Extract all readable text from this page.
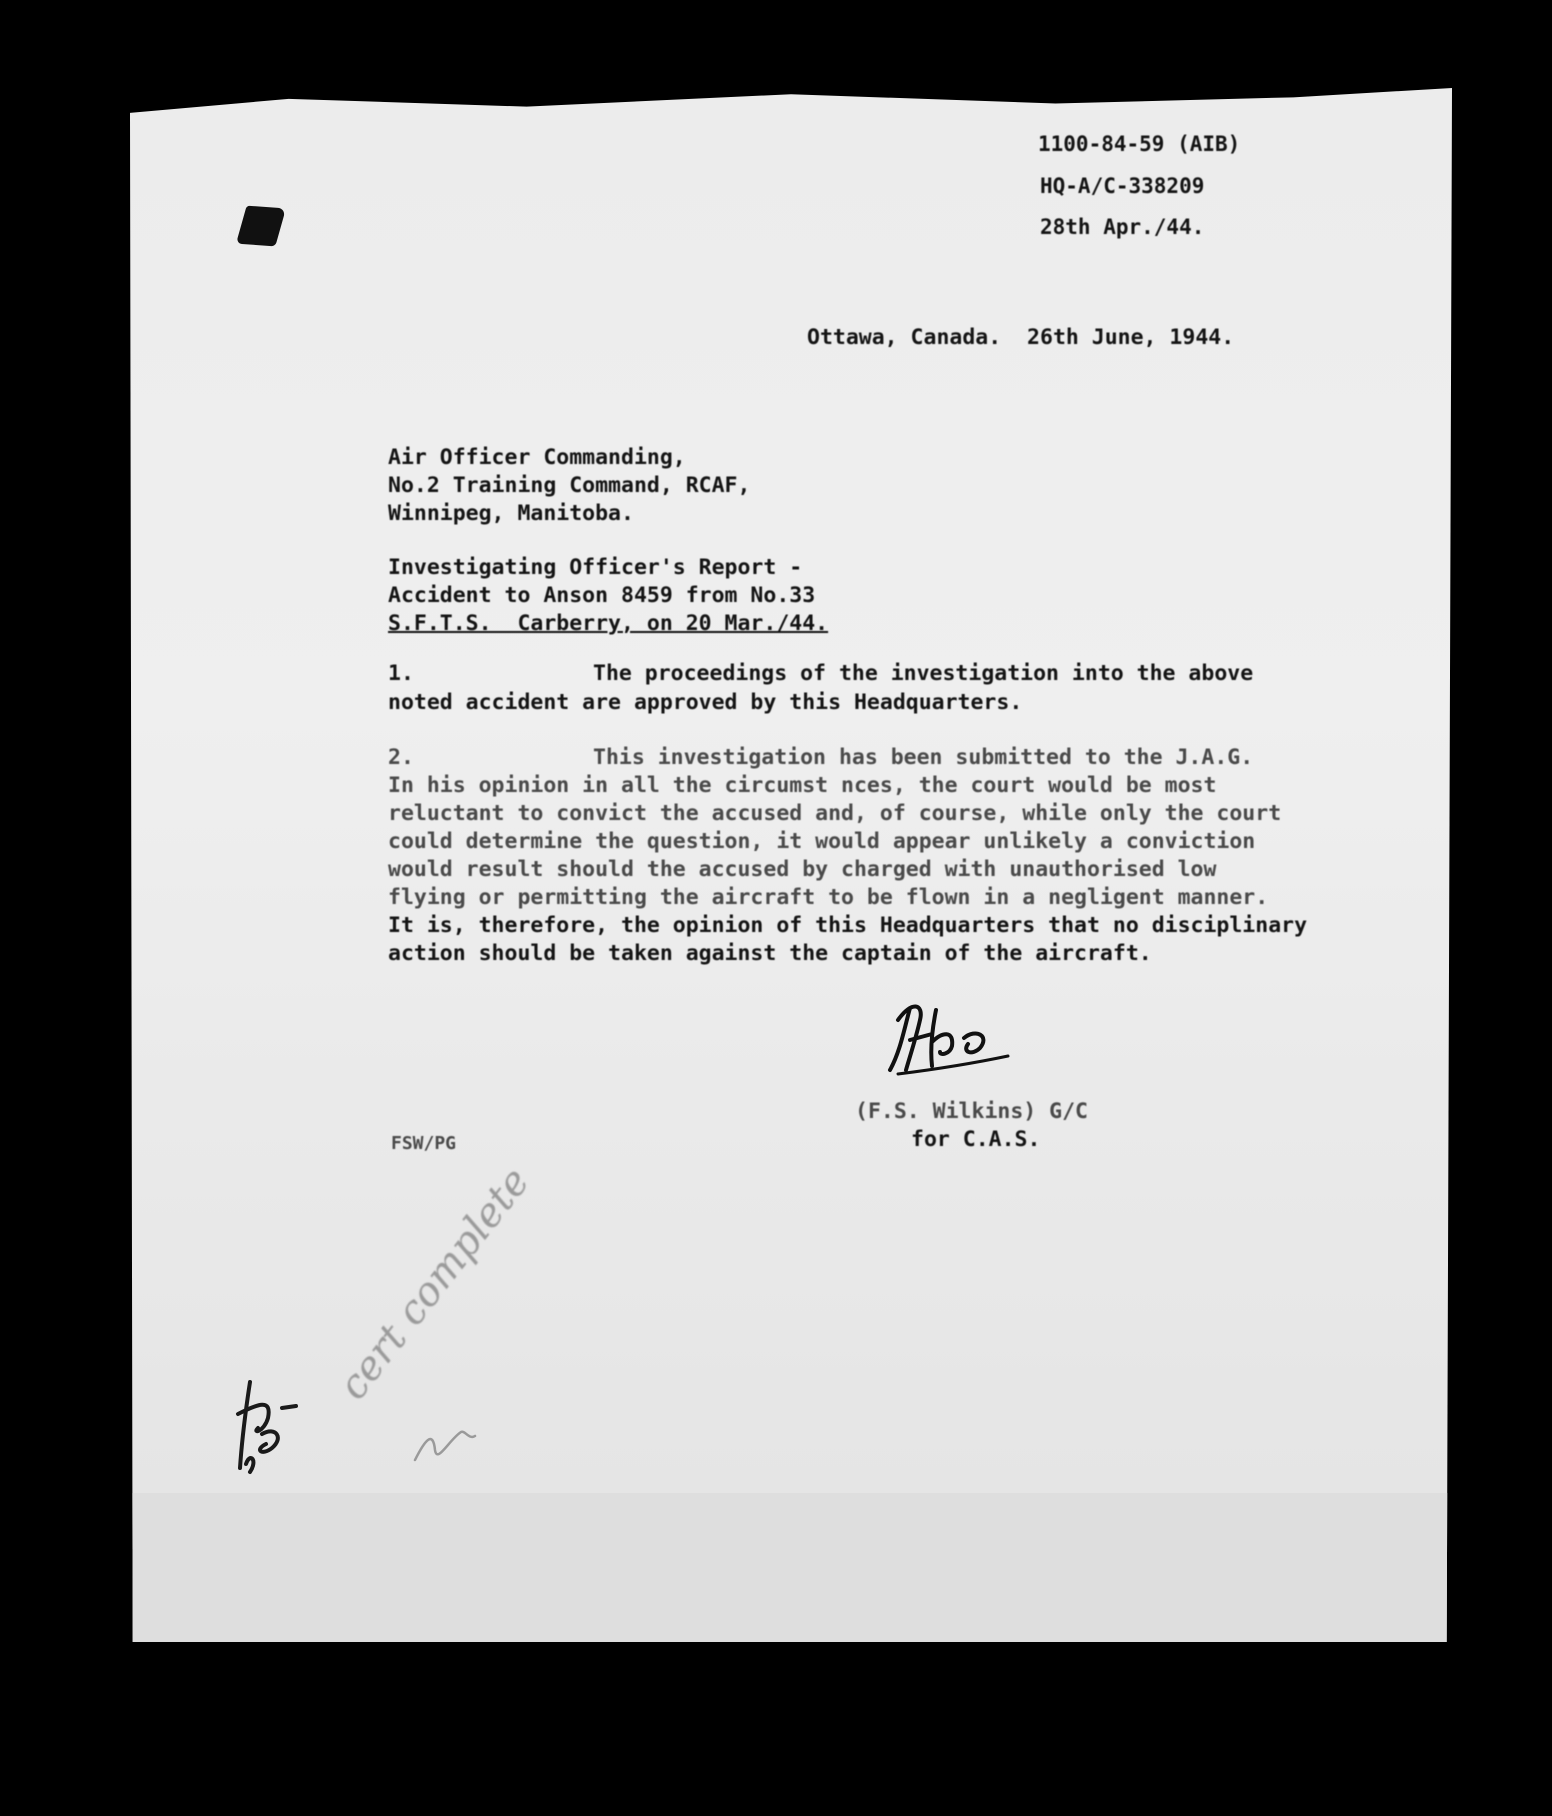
1100-84-59 (AIB)
HQ-A/C-338209
28th Apr./44.
Ottawa, Canada.  26th June, 1944.
Air Officer Commanding,
No.2 Training Command, RCAF,
Winnipeg, Manitoba.
Investigating Officer's Report -
Accident to Anson 8459 from No.33
S.F.T.S.  Carberry, on 20 Mar./44.
1.	The proceedings of the investigation into the above
noted accident are approved by this Headquarters.
2.	This investigation has been submitted to the J.A.G.
In his opinion in all the circumst nces, the court would be most
reluctant to convict the accused and, of course, while only the court
could determine the question, it would appear unlikely a conviction
would result should the accused by charged with unauthorised low
flying or permitting the aircraft to be flown in a negligent manner.
It is, therefore, the opinion of this Headquarters that no disciplinary
action should be taken against the captain of the aircraft.
(F.S. Wilkins) G/C
for C.A.S.
FSW/PG
cert complete
